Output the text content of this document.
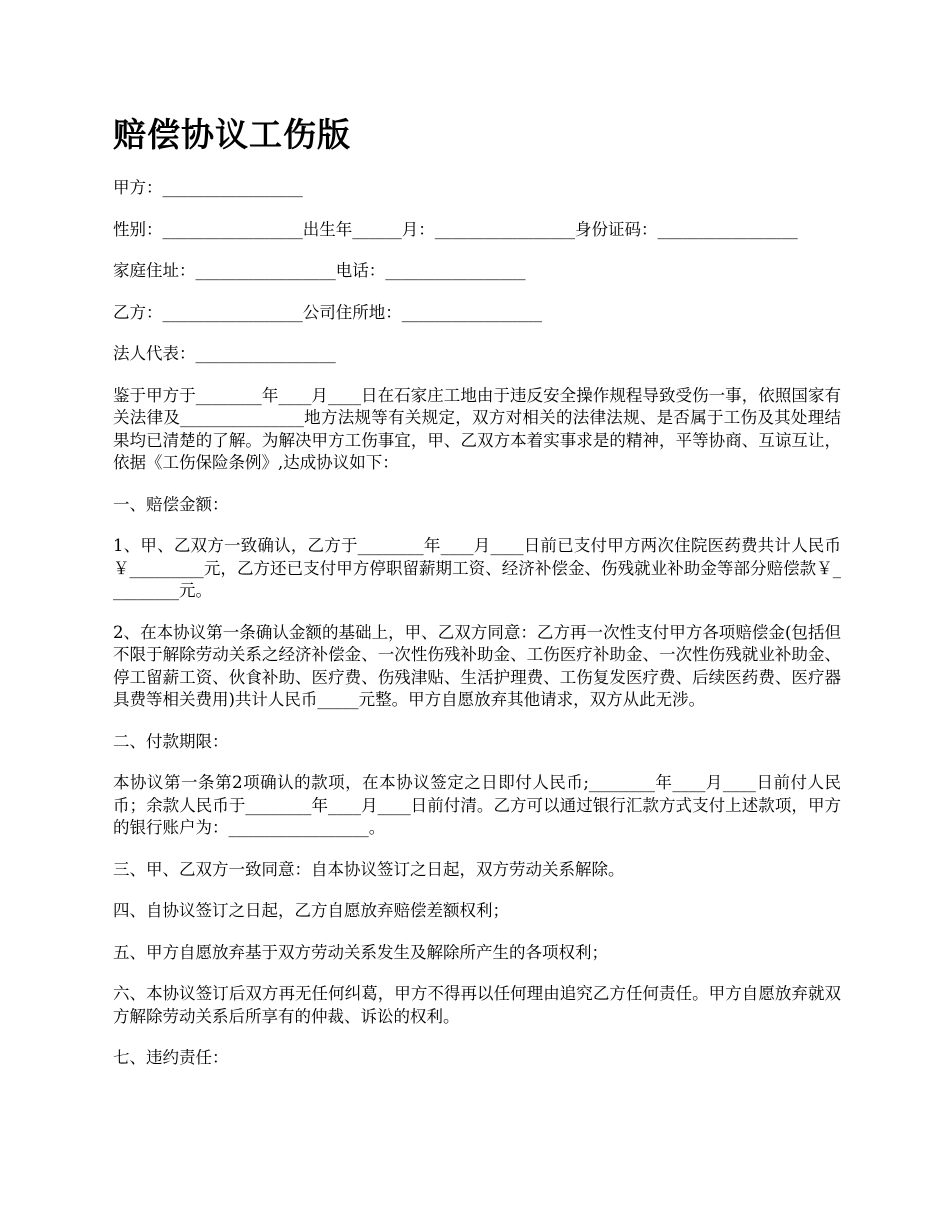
赔偿协议工伤版

甲方：_________________

性别：_________________出生年______月：_________________身份证码：_________________

家庭住址：_________________电话：_________________

乙方：_________________公司住所地：_________________

法人代表：_________________

鉴于甲方于________年____月____日在石家庄工地由于违反安全操作规程导致受伤一事，依照国家有关法律及_______________地方法规等有关规定，双方对相关的法律法规、是否属于工伤及其处理结果均已清楚的了解。为解决甲方工伤事宜，甲、乙双方本着实事求是的精神，平等协商、互谅互让，依据《工伤保险条例》,达成协议如下：

一、赔偿金额：

1、甲、乙双方一致确认，乙方于________年____月____日前已支付甲方两次住院医药费共计人民币￥_________元，乙方还已支付甲方停职留薪期工资、经济补偿金、伤残就业补助金等部分赔偿款￥_________元。

2、在本协议第一条确认金额的基础上，甲、乙双方同意：乙方再一次性支付甲方各项赔偿金(包括但不限于解除劳动关系之经济补偿金、一次性伤残补助金、工伤医疗补助金、一次性伤残就业补助金、停工留薪工资、伙食补助、医疗费、伤残津贴、生活护理费、工伤复发医疗费、后续医药费、医疗器具费等相关费用)共计人民币_____元整。甲方自愿放弃其他请求，双方从此无涉。

二、付款期限：

本协议第一条第2项确认的款项，在本协议签定之日即付人民币;________年____月____日前付人民币；余款人民币于________年____月____日前付清。乙方可以通过银行汇款方式支付上述款项，甲方的银行账户为：_________________。

三、甲、乙双方一致同意：自本协议签订之日起，双方劳动关系解除。

四、自协议签订之日起，乙方自愿放弃赔偿差额权利；

五、甲方自愿放弃基于双方劳动关系发生及解除所产生的各项权利；

六、本协议签订后双方再无任何纠葛，甲方不得再以任何理由追究乙方任何责任。甲方自愿放弃就双方解除劳动关系后所享有的仲裁、诉讼的权利。

七、违约责任：
